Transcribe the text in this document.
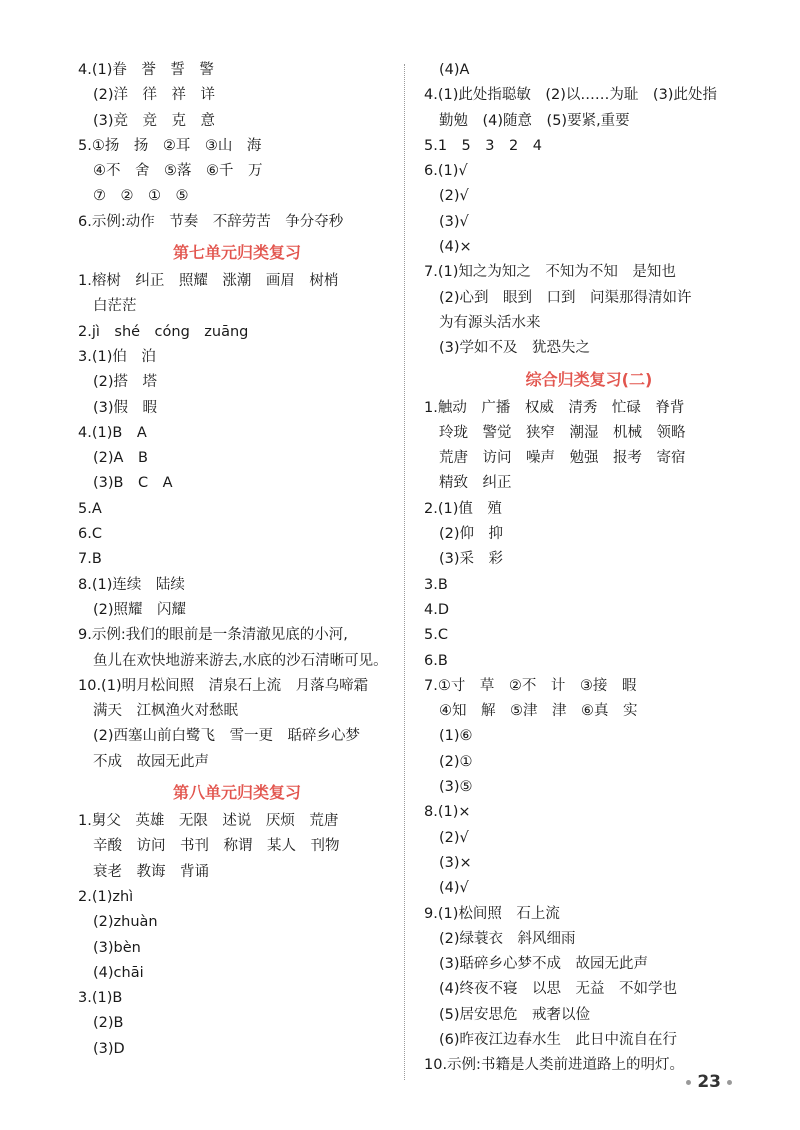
4.(1)眷　誉　誓　警
(2)洋　徉　祥　详
(3)竞　竞　克　意
5.①扬　扬　②耳　③山　海
④不　舍　⑤落　⑥千　万
⑦　②　①　⑤
6.示例:动作　节奏　不辞劳苦　争分夺秒
第七单元归类复习
1.榕树　纠正　照耀　涨潮　画眉　树梢
白茫茫
2.jì　shé　cóng　zuāng
3.(1)伯　泊
(2)搭　塔
(3)假　暇
4.(1)B　A
(2)A　B
(3)B　C　A
5.A
6.C
7.B
8.(1)连续　陆续
(2)照耀　闪耀
9.示例:我们的眼前是一条清澈见底的小河,
鱼儿在欢快地游来游去,水底的沙石清晰可见。
10.(1)明月松间照　清泉石上流　月落乌啼霜
满天　江枫渔火对愁眠
(2)西塞山前白鹭飞　雪一更　聒碎乡心梦
不成　故园无此声
第八单元归类复习
1.舅父　英雄　无限　述说　厌烦　荒唐
辛酸　访问　书刊　称谓　某人　刊物
衰老　教诲　背诵
2.(1)zhì
(2)zhuàn
(3)bèn
(4)chāi
3.(1)B
(2)B
(3)D
(4)A
4.(1)此处指聪敏　(2)以……为耻　(3)此处指
勤勉　(4)随意　(5)要紧,重要
5.1　5　3　2　4
6.(1)√
(2)√
(3)√
(4)×
7.(1)知之为知之　不知为不知　是知也
(2)心到　眼到　口到　问渠那得清如许
为有源头活水来
(3)学如不及　犹恐失之
综合归类复习(二)
1.触动　广播　权威　清秀　忙碌　脊背
玲珑　警觉　狭窄　潮湿　机械　领略
荒唐　访问　噪声　勉强　报考　寄宿
精致　纠正
2.(1)值　殖
(2)仰　抑
(3)采　彩
3.B
4.D
5.C
6.B
7.①寸　草　②不　计　③接　暇
④知　解　⑤津　津　⑥真　实
(1)⑥
(2)①
(3)⑤
8.(1)×
(2)√
(3)×
(4)√
9.(1)松间照　石上流
(2)绿蓑衣　斜风细雨
(3)聒碎乡心梦不成　故园无此声
(4)终夜不寝　以思　无益　不如学也
(5)居安思危　戒奢以俭
(6)昨夜江边春水生　此日中流自在行
10.示例:书籍是人类前进道路上的明灯。
23
